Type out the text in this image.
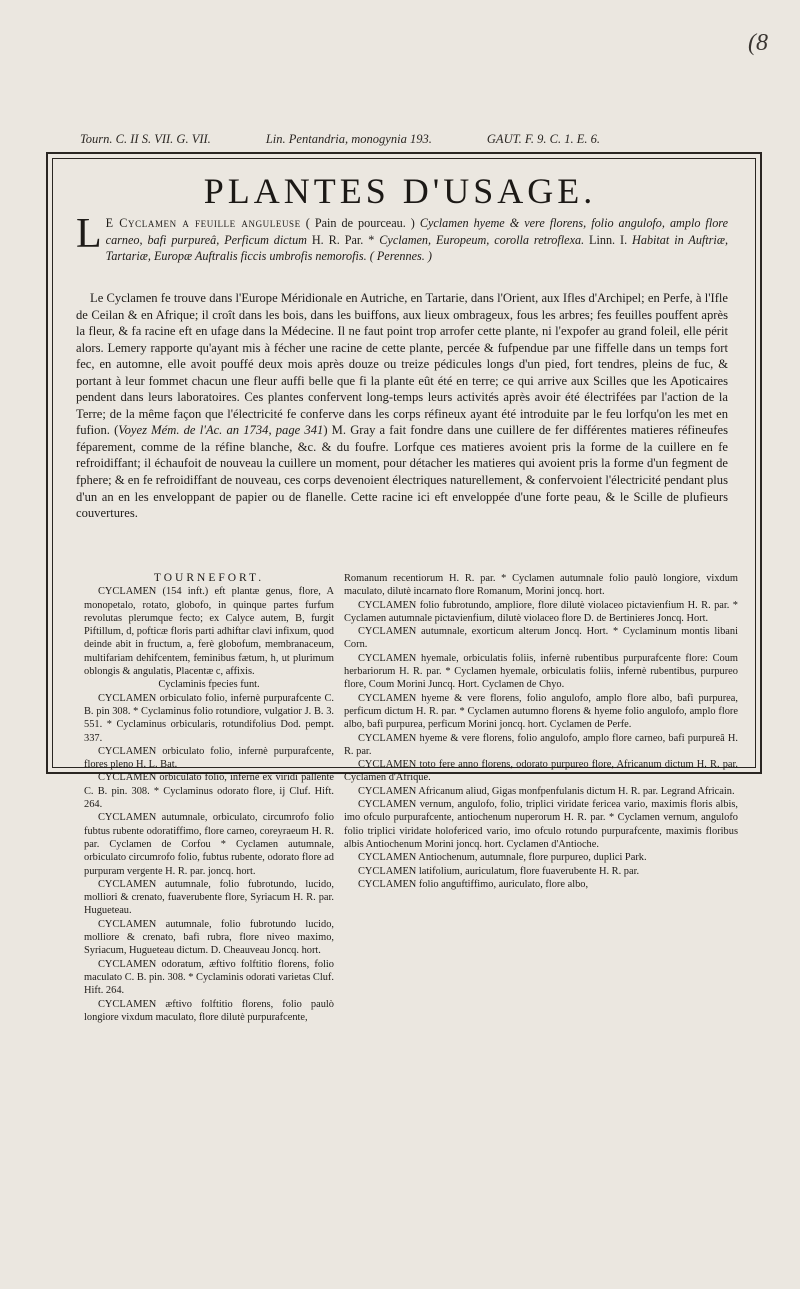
(8
Tourn. C. II S. VII. G. VII.	Lin. Pentandria, monogynia 193.	GAUT. F. 9. C. 1. E. 6.
PLANTES D'USAGE.
L E Cyclamen a feuille anguleuse ( Pain de pourceau. ) Cyclamen hyeme & vere florens, folio angulofo, amplo flore carneo, bafi purpureâ, Perficum dictum H. R. Par. * Cyclamen, Europeum, corolla retroflexa. Linn. I. Habitat in Auftriæ, Tartariæ, Europæ Auftralis ficcis umbrofis nemorofis. ( Perennes. )
Le Cyclamen fe trouve dans l'Europe Méridionale en Autriche, en Tartarie, dans l'Orient, aux Ifles d'Archipel; en Perfe, à l'Ifle de Ceilan & en Afrique; il croît dans les bois, dans les buiffons, aux lieux ombrageux, fous les arbres; fes feuilles pouffent après la fleur, & fa racine eft en ufage dans la Médecine. Il ne faut point trop arrofer cette plante, ni l'expofer au grand foleil, elle périt alors. Lemery rapporte qu'ayant mis à fécher une racine de cette plante, percée & fufpendue par une fiffelle dans un temps fort fec, en automne, elle avoit pouffé deux mois après douze ou treize pédicules longs d'un pied, fort tendres, pleins de fuc, & portant à leur fommet chacun une fleur auffi belle que fi la plante eût été en terre; ce qui arrive aux Scilles que les Apoticaires pendent dans leurs laboratoires. Ces plantes confervent long-temps leurs activités après avoir été électrifées par l'action de la Terre; de la même façon que l'électricité fe conferve dans les corps réfineux ayant été introduite par le feu lorfqu'on les met en fufion. (Voyez Mém. de l'Ac. an 1734, page 341) M. Gray a fait fondre dans une cuillere de fer différentes matieres réfineufes féparement, comme de la réfine blanche, &c. & du foufre. Lorfque ces matieres avoient pris la forme de la cuillere en fe refroidiffant; il échaufoit de nouveau la cuillere un moment, pour détacher les matieres qui avoient pris la forme d'un fegment de fphere; & en fe refroidiffant de nouveau, ces corps devenoient électriques naturellement, & confervoient l'électricité pendant plus d'un an en les enveloppant de papier ou de flanelle. Cette racine ici eft enveloppée d'une forte peau, & le Scille de plufieurs couvertures.

TOURNEFORT.

CYCLAMEN (154 inft.) eft plantæ genus, flore, A monopetalo, rotato, globofo, in quinque partes furfum revolutas plerumque fecto; ex Calyce autem, B, furgit Piftillum, d, pofticæ floris parti adhiftar clavi infixum, quod deinde abit in fructum, a, ferè globofum, membranaceum, multifariam dehifcentem, feminibus fætum, h, ut plurimum oblongis & angulatis, Placentæ c, affixis.

Cyclaminis fpecies funt.

CYCLAMEN orbiculato folio, infernè purpurafcente C. B. pin 308. * Cyclaminus folio rotundiore, vulgatior J. B. 3. 551. * Cyclaminus orbicularis, rotundifolius Dod. pempt. 337.

CYCLAMEN orbiculato folio, infernè purpurafcente, flores pleno H. L. Bat.

CYCLAMEN orbiculato folio, infernè ex viridi pallente C. B. pin. 308. * Cyclaminus odorato flore, ij Cluf. Hift. 264.

CYCLAMEN autumnale, orbiculato, circumrofo folio fubtus rubente odoratiffimo, flore carneo, coreyraeum H. R. par. Cyclamen de Corfou * Cyclamen autumnale, orbiculato circumrofo folio, fubtus rubente, odorato flore ad purpuram vergente H. R. par. joncq. hort.

CYCLAMEN autumnale, folio fubrotundo, lucido, molliori & crenato, fuaverubente flore, Syriacum H. R. par. Hugueteau.

CYCLAMEN autumnale, folio fubrotundo lucido, molliore & crenato, bafi rubra, flore niveo maximo, Syriacum, Hugueteau dictum. D. Cheauveau Joncq. hort.

CYCLAMEN odoratum, æftivo folftitio florens, folio maculato C. B. pin. 308. * Cyclaminis odorati varietas Cluf. Hift. 264.

CYCLAMEN æftivo folftitio florens, folio paulò longiore vixdum maculato, flore dilutè purpurafcente,

Romanum recentiorum H. R. par. * Cyclamen autumnale folio paulò longiore, vixdum maculato, dilutè incarnato flore Romanum, Morini joncq. hort.

CYCLAMEN folio fubrotundo, ampliore, flore dilutè violaceo pictavienfium H. R. par. * Cyclamen autumnale pictavienfium, dilutè violaceo flore D. de Bertinieres Joncq. Hort.

CYCLAMEN autumnale, exorticum alterum Joncq. Hort. * Cyclaminum montis libani Corn.

CYCLAMEN hyemale, orbiculatis foliis, infernè rubentibus purpurafcente flore: Coum herbariorum H. R. par. * Cyclamen hyemale, orbiculatis foliis, infernè rubentibus, purpureo flore, Coum Morini Juncq. Hort. Cyclamen de Chyo.

CYCLAMEN hyeme & vere florens, folio angulofo, amplo flore albo, bafi purpurea, perficum dictum H. R. par. * Cyclamen autumno florens & hyeme folio angulofo, amplo flore albo, bafi purpurea, perficum Morini joncq. hort. Cyclamen de Perfe.

CYCLAMEN hyeme & vere florens, folio angulofo, amplo flore carneo, bafi purpureâ H. R. par.

CYCLAMEN toto fere anno florens, odorato purpureo flore, Africanum dictum H. R. par. Cyclamen d'Afrique.

CYCLAMEN Africanum aliud, Gigas monfpenfulanis dictum H. R. par. Legrand Africain.

CYCLAMEN vernum, angulofo, folio, triplici viridate fericea vario, maximis floris albis, imo ofculo purpurafcente, antiochenum nuperorum H. R. par. * Cyclamen vernum, angulofo folio triplici viridate holofericed vario, imo ofculo rotundo purpurafcente, maximis floribus albis Antiochenum Morini joncq. hort. Cyclamen d'Antioche.

CYCLAMEN Antiochenum, autumnale, flore purpureo, duplici Park.

CYCLAMEN latifolium, auriculatum, flore fuaverubente H. R. par.

CYCLAMEN folio anguftiffimo, auriculato, flore albo,
